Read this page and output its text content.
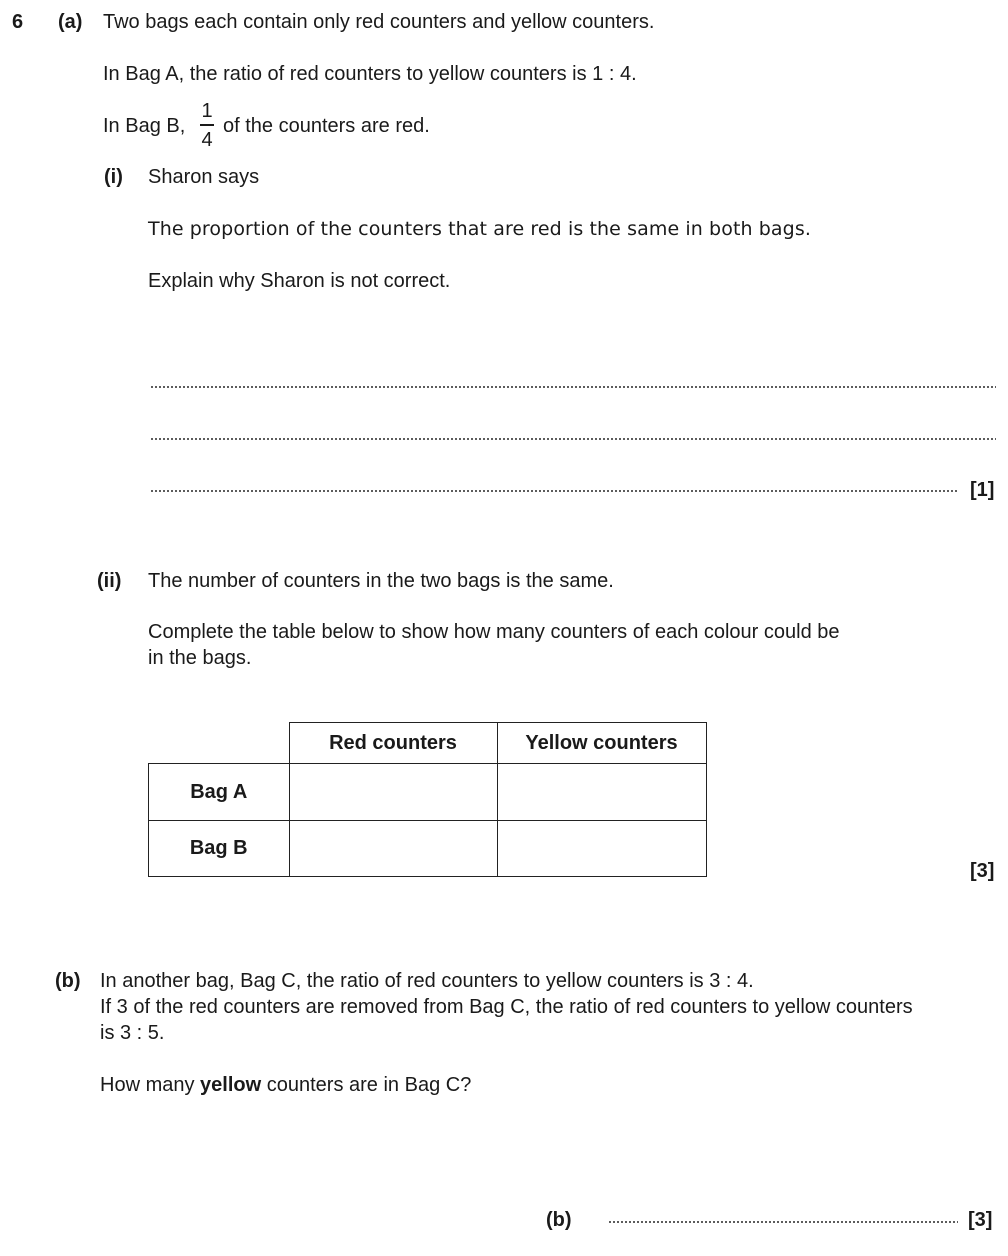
6 (a) Two bags each contain only red counters and yellow counters.
In Bag A, the ratio of red counters to yellow counters is 1 : 4.
In Bag B,
1
4
of the counters are red.
(i) Sharon says
The proportion of the counters that are red is the same in both bags.
Explain why Sharon is not correct.
[1]
(ii) The number of counters in the two bags is the same.
Complete the table below to show how many counters of each colour could be
in the bags.
	Red counters	Yellow counters
Bag A		
Bag B		
[3]
(b) In another bag, Bag C, the ratio of red counters to yellow counters is 3 : 4.
If 3 of the red counters are removed from Bag C, the ratio of red counters to yellow counters
is 3 : 5.
How many yellow counters are in Bag C?
(b)	[3]
